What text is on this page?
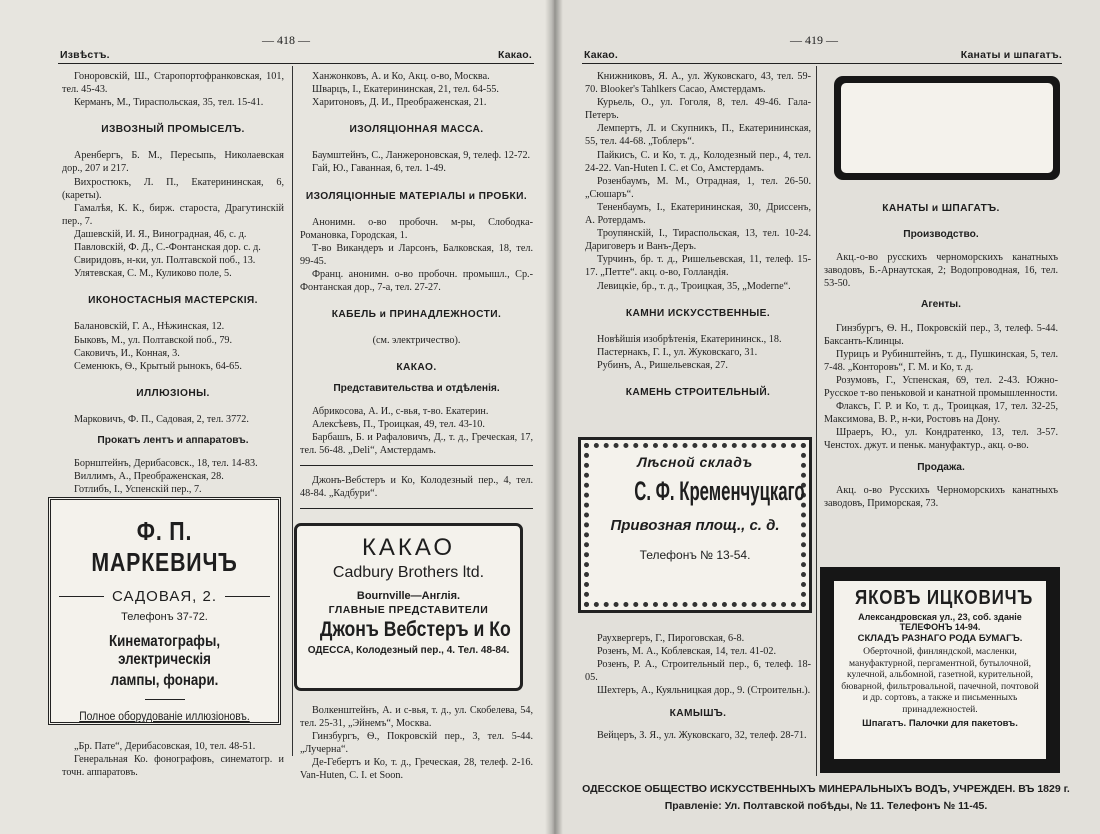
— 418 —
Извѣстъ.	Какао.

Гоноровскій, Ш., Старопортофранковская, 101, тел. 45-43.

Керманъ, М., Тираспольская, 35, тел. 15-41.

ИЗВОЗНЫЙ ПРОМЫСЕЛЪ.

Аренбергъ, Б. М., Пересыпь, Николаевская дор., 207 и 217.

Вихростюкъ, Л. П., Екатерининская, 6, (кареты).

Гамалѣя, К. К., бирж. староста, Драгутинскій пер., 7.

Дашевскій, И. Я., Виноградная, 46, с. д.

Павловскій, Ф. Д., С.-Фонтанская дор. с. д.

Свиридовъ, н-ки, ул. Полтавской поб., 13.

Улятевская, С. М., Куликово поле, 5.

ИКОНОСТАСНЫЯ МАСТЕРСКІЯ.

Балановскій, Г. А., Нѣжинская, 12.

Быковъ, М., ул. Полтавской поб., 79.

Саковичъ, И., Конная, 3.

Семенюкъ, Ѳ., Крытый рынокъ, 64-65.

ИЛЛЮЗІОНЫ.

Марковичъ, Ф. П., Садовая, 2, тел. 3772.

Прокатъ лентъ и аппаратовъ.

Борнштейнъ, Дерибасовск., 18, тел. 14-83.

Виллимъ, А., Преображенская, 28.

Готлибъ, І., Успенскій пер., 7.

„Бр. Пате“, Дерибасовская, 10, тел. 48-51.

Генеральная Ко. фонографовъ, синематогр. и точн. аппаратовъ.

Ф. П. МАРКЕВИЧЪ
САДОВАЯ, 2.
Телефонъ 37-72.
Кинематографы, электрическія
лампы, фонари.
Полное оборудованіе иллюзіоновъ.

Ханжонковъ, А. и Ко, Акц. о-во, Москва.

Шварцъ, І., Екатерининская, 21, тел. 64-55.

Харитоновъ, Д. И., Преображенская, 21.

ИЗОЛЯЦІОННАЯ МАССА.

Баумштейнъ, С., Ланжероновская, 9, телеф. 12-72.

Гай, Ю., Гаванная, 6, тел. 1-49.

ИЗОЛЯЦІОННЫЕ МАТЕРІАЛЫ и ПРОБКИ.

Анонимн. о-во пробочн. м-ры, Слободка-Романовка, Городская, 1.

Т-во Викандеръ и Ларсонъ, Балковская, 18, тел. 99-45.

Франц. анонимн. о-во пробочн. промышл., Ср.-Фонтанская дор., 7-а, тел. 27-27.

КАБЕЛЬ и ПРИНАДЛЕЖНОСТИ.

(см. электричество).

КАКАО.

Представительства и отдѣленія.

Абрикосова, А. И., с-вья, т-во. Екатерин.

Алексѣевъ, П., Троицкая, 49, тел. 43-10.

Барбашъ, Б. и Рафаловичъ, Д., т. д., Греческая, 17, тел. 56-48. „Deli“, Амстердамъ.

Джонъ-Вебстеръ и Ко, Колодезный пер., 4, тел. 48-84. „Кадбури“.

Волкенштейнъ, А. и с-вья, т. д., ул. Скобелева, 54, тел. 25-31, „Эйнемъ“, Москва.

Гинзбургъ, Ѳ., Покровскій пер., 3, тел. 5-44. „Лучерна“.

Де-Гебертъ и Ко, т. д., Греческая, 28, телеф. 2-16. Van-Huten, C. I. et Soon.

КАКАО
Cadbury Brothers ltd.
Bournville—Англія.
ГЛАВНЫЕ ПРЕДСТАВИТЕЛИ
Джонъ Вебстеръ и Ко
ОДЕССА, Колодезный пер., 4. Тел. 48-84.
— 419 —
Какао.	Канаты и шпагатъ.

Книжниковъ, Я. А., ул. Жуковскаго, 43, тел. 59-70. Blooker's Tahlkers Cacao, Амстердамъ.

Курьель, О., ул. Гоголя, 8, тел. 49-46. Гала-Петеръ.

Лемпертъ, Л. и Скупникъ, П., Екатерининская, 55, тел. 44-68. „Тоблеръ“.

Пайкисъ, С. и Ко, т. д., Колодезный пер., 4, тел. 24-22. Van-Huten I. C. et Co, Амстердамъ.

Розенбаумъ, М. М., Отрадная, 1, тел. 26-50. „Сюшаръ“.

Тененбаумъ, І., Екатерининская, 30, Дриссенъ, А. Ротердамъ.

Троупянскій, І., Тираспольская, 13, тел. 10-24. Дариговеръ и Ванъ-Деръ.

Турчинъ, бр. т. д., Ришельевская, 11, телеф. 15-17. „Петте“. акц. о-во, Голландія.

Левицкіе, бр., т. д., Троицкая, 35, „Moderne“.

КАМНИ ИСКУССТВЕННЫЕ.

Новѣйшія изобрѣтенія, Екатерининск., 18.

Пастернакъ, Г. І., ул. Жуковскаго, 31.

Рубинъ, А., Ришельевская, 27.

КАМЕНЬ СТРОИТЕЛЬНЫЙ.

Раухвергеръ, Г., Пироговская, 6-8.

Розенъ, М. А., Коблевская, 14, тел. 41-02.

Розенъ, Р. А., Строительный пер., 6, телеф. 18-05.

Шехтеръ, А., Куяльницкая дор., 9. (Строительн.).

КАМЫШЪ.

Вейцеръ, З. Я., ул. Жуковскаго, 32, телеф. 28-71.

Лѣсной складъ
С. Ф. Кременчуцкаго
Привозная площ., с. д.
Телефонъ № 13-54.

КАНАТЫ и ШПАГАТЪ.

Производство.

Акц.-о-во русскихъ черноморскихъ канатныхъ заводовъ, Б.-Арнаутская, 2; Водопроводная, 16, тел. 53-50.

Агенты.

Гинзбургъ, Ѳ. Н., Покровскій пер., 3, телеф. 5-44. Баксанть-Клинцы.

Пурицъ и Рубинштейнъ, т. д., Пушкинская, 5, тел. 7-48. „Конторовъ“, Г. М. и Ко, т. д.

Розумовъ, Г., Успенская, 69, тел. 2-43. Южно-Русское т-во пеньковой и канатной промышленности.

Флаксъ, Г. Р. и Ко, т. д., Троицкая, 17, тел. 32-25, Максимова, В. Р., н-ки, Ростовъ на Дону.

Шрaеръ, Ю., ул. Кондратенко, 13, тел. 3-57. Ченстох. джут. и пеньк. мануфактур., акц. о-во.

Продажа.

Акц. о-во Русскихъ Черноморскихъ канатныхъ заводовъ, Приморская, 73.

ЯКОВЪ ИЦКОВИЧЪ
Александровская ул., 23, соб. зданіе
ТЕЛЕФОНЪ 14-94.
СКЛАДЪ РАЗНАГО РОДА БУМАГЪ.
Оберточной, финляндской, масленки, мануфактурной, пергаментной, бутылочной, кулечной, альбомной, газетной, курительной, бюварной, фильтровальной, пачечной, почтовой и др. сортовъ, а также и письменныхъ принадлежностей.
Шпагатъ. Палочки для пакетовъ.
ОДЕССКОЕ ОБЩЕСТВО ИСКУССТВЕННЫХЪ МИНЕРАЛЬНЫХЪ ВОДЪ, УЧРЕЖДЕН. ВЪ 1829 г.
Правленіе: Ул. Полтавской побѣды, № 11. Телефонъ № 11-45.
